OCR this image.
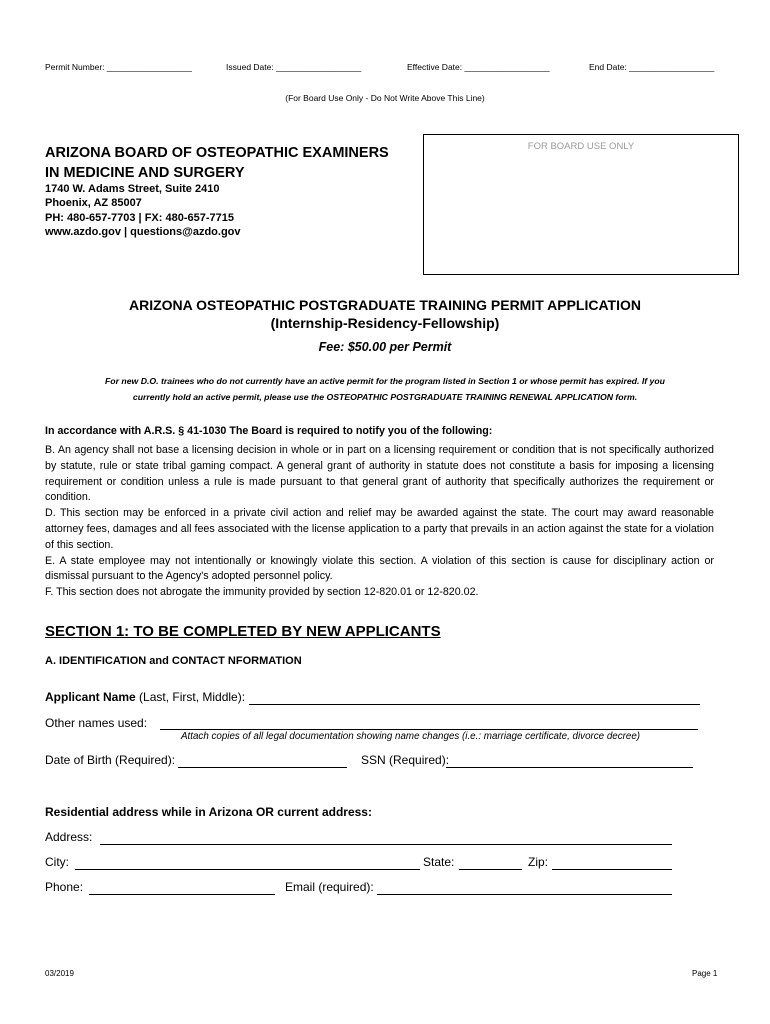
Permit Number: __________________	Issued Date: __________________	Effective Date: __________________	End Date: __________________
(For Board Use Only - Do Not Write Above This Line)
ARIZONA BOARD OF OSTEOPATHIC EXAMINERS
IN MEDICINE AND SURGERY
1740 W. Adams Street, Suite 2410
Phoenix, AZ 85007
PH: 480-657-7703 | FX: 480-657-7715
www.azdo.gov | questions@azdo.gov
FOR BOARD USE ONLY
ARIZONA OSTEOPATHIC POSTGRADUATE TRAINING PERMIT APPLICATION
(Internship-Residency-Fellowship)
Fee: $50.00 per Permit
For new D.O. trainees who do not currently have an active permit for the program listed in Section 1 or whose permit has expired. If you
currently hold an active permit, please use the OSTEOPATHIC POSTGRADUATE TRAINING RENEWAL APPLICATION form.
In accordance with A.R.S. § 41-1030 The Board is required to notify you of the following:

B. An agency shall not base a licensing decision in whole or in part on a licensing requirement or condition that is not specifically authorized by statute, rule or state tribal gaming compact. A general grant of authority in statute does not constitute a basis for imposing a licensing requirement or condition unless a rule is made pursuant to that general grant of authority that specifically authorizes the requirement or condition.

D. This section may be enforced in a private civil action and relief may be awarded against the state. The court may award reasonable attorney fees, damages and all fees associated with the license application to a party that prevails in an action against the state for a violation of this section.

E. A state employee may not intentionally or knowingly violate this section. A violation of this section is cause for disciplinary action or dismissal pursuant to the Agency's adopted personnel policy.

F. This section does not abrogate the immunity provided by section 12-820.01 or 12-820.02.

SECTION 1: TO BE COMPLETED BY NEW APPLICANTS
A. IDENTIFICATION and CONTACT NFORMATION
Applicant Name (Last, First, Middle):
Other names used:
Attach copies of all legal documentation showing name changes (i.e.: marriage certificate, divorce decree)
Date of Birth (Required):	SSN (Required):
Residential address while in Arizona OR current address:
Address:
City:	State:	Zip:
Phone:	Email (required):
03/2019	Page 1
